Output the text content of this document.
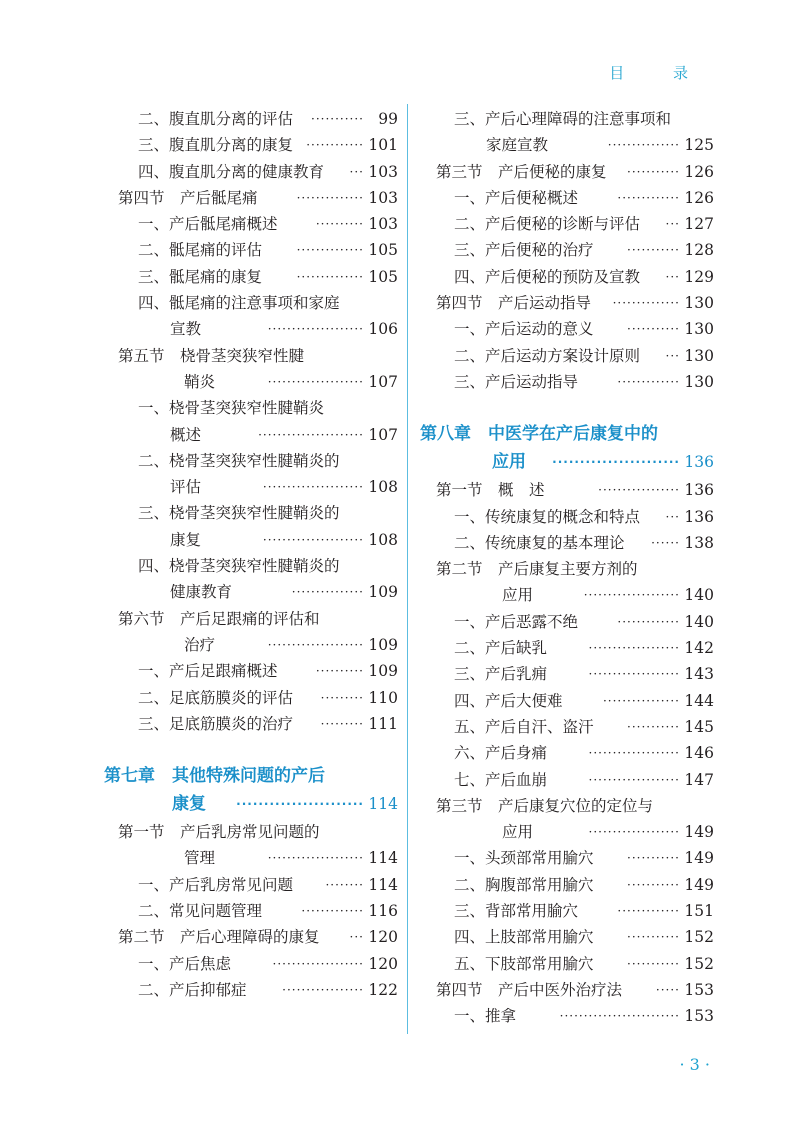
目 录
二、腹直肌分离的评估 ··········· 99
三、腹直肌分离的康复 ············ 101
四、腹直肌分离的健康教育 ··· 103
第四节　产后骶尾痛	·············· 103
一、产后骶尾痛概述	·········· 103
二、骶尾痛的评估	·············· 105
三、骶尾痛的康复	·············· 105
四、骶尾痛的注意事项和家庭
宣教	···················· 106
第五节　桡骨茎突狭窄性腱
鞘炎	···················· 107
一、桡骨茎突狭窄性腱鞘炎
概述	······················ 107
二、桡骨茎突狭窄性腱鞘炎的
评估	····················· 108
三、桡骨茎突狭窄性腱鞘炎的
康复	····················· 108
四、桡骨茎突狭窄性腱鞘炎的
健康教育	··············· 109
第六节　产后足跟痛的评估和
治疗	···················· 109
一、产后足跟痛概述	·········· 109
二、足底筋膜炎的评估 ········· 110
三、足底筋膜炎的治疗 ········· 111
第七章　其他特殊问题的产后
康复	······················· 114
第一节　产后乳房常见问题的
管理	···················· 114
一、产后乳房常见问题	········ 114
二、常见问题管理	············· 116
第二节　产后心理障碍的康复	··· 120
一、产后焦虑	··················· 120
二、产后抑郁症	················· 122
三、产后心理障碍的注意事项和
家庭宣教	··············· 125
第三节　产后便秘的康复 ··········· 126
一、产后便秘概述	············· 126
二、产后便秘的诊断与评估 ··· 127
三、产后便秘的治疗	··········· 128
四、产后便秘的预防及宣教 ··· 129
第四节　产后运动指导 ·············· 130
一、产后运动的意义	··········· 130
二、产后运动方案设计原则 ··· 130
三、产后运动指导	············· 130
第八章　中医学在产后康复中的
应用 ······················· 136
第一节　概　述	················· 136
一、传统康复的概念和特点 ··· 136
二、传统康复的基本理论 ······ 138
第二节　产后康复主要方剂的
应用	···················· 140
一、产后恶露不绝	············· 140
二、产后缺乳	··················· 142
三、产后乳痈	··················· 143
四、产后大便难	················ 144
五、产后自汗、盗汗	··········· 145
六、产后身痛	··················· 146
七、产后血崩	··················· 147
第三节　产后康复穴位的定位与
应用	··················· 149
一、头颈部常用腧穴	··········· 149
二、胸腹部常用腧穴	··········· 149
三、背部常用腧穴	············· 151
四、上肢部常用腧穴	··········· 152
五、下肢部常用腧穴	··········· 152
第四节　产后中医外治疗法	····· 153
一、推拿	························· 153
· 3 ·
